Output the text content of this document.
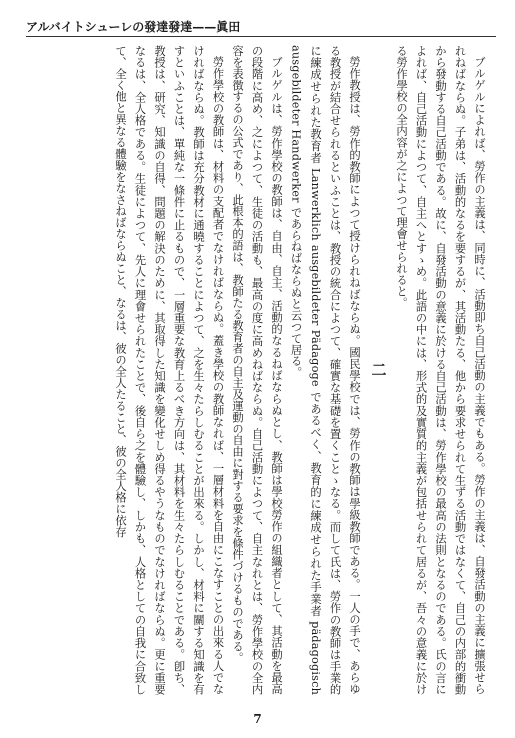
アルバイトシューレの發達發達——眞田

ブルゲルによれば、勞作の主義は、同時に、活動即ち自己活動の主義でもある。勞作の主義は、自發活動の主義に擴張せられねばならぬ。子弟は、活動的なるを要するが、其活動たる、他から要求せられて生ずる活動ではなくて、自己の内部的衝動から發動する自己活動である。故に、自發活動の意義に於ける自己活動は、勞作學校の最高の法則となるのである。氏の言によれば、自己活動によつて、自主へとすゝめ。此語の中には、形式的及實質的主義が包括せられて居るが、吾々の意義に於ける勞作學校の全内容が之によつて理會せられると。

二

勞作教授は、勞作的教師によつて授けられねばならぬ。國民學校では、勞作の教師は學級教師である。一人の手で、あらゆる教授が結合せられるといふことは、教授の統合によつて、確實な基礎を置くことゝなる。而して氏は、勞作の教師は手業的に練成せられた教育者 Lanwerklich ausgebildeter Pädagoge であるべく、教育的に練成せられた手業者 pädagogisch ausgebildeter Handwerker であらねばならぬと云つて居る。

ブルゲルは、勞作學校の教師は、自由、自主、活動的なるねばならぬとし、教師は學校勞作の組織者として、其活動を最高の段階に高め、之によつて、生徒の活動も、最高の度に高めねばならぬ。自己活動によつて、自主なれとは、勞作學校の全内容を表徴するの公式であり、此根本的語は、教師たる教育者の自主及運動の自由に對する要求を條件づけるものである。

勞作學校の教師は、材料の支配者でなければならぬ。蓋き學校の教師なれば、一層材料を自由にこなすことの出來る人でなければならぬ。教師は充分教材に通曉することによつて、之を生々たらしむることが出來る。しかし、材料に關する知識を有すといふことは、單純な一條件に止るもので、一層重要な教育上るべき方向は、其材料を生々たらしむることである。卽ち、教授は、研究、知識の自得、問題の解決のために、其取得した知識を變化せしめ得るやうなものでなければならぬ。更に重要なるは、全人格である。生徒によつて、先人に理會せられたことで、後自ら之を體驗し、しかも、人格としての自我に合致して、全く他と異なる體驗をなさねばならぬこと、なるは、彼の全人たること、彼の全人格に依存

7
